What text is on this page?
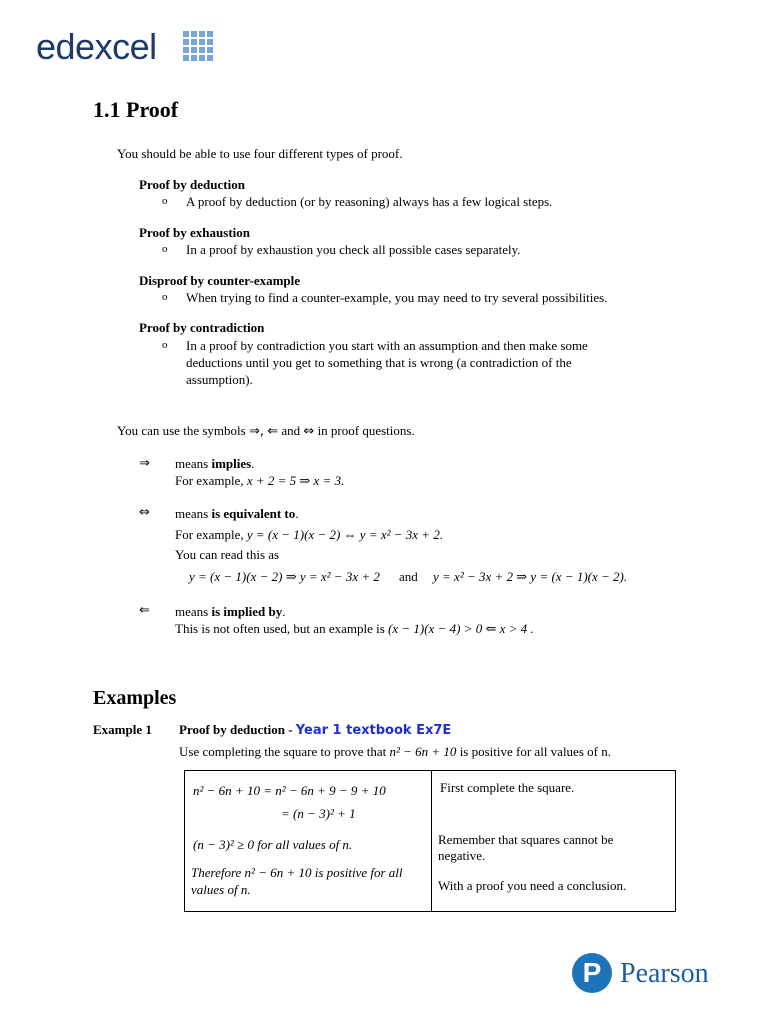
edexcel
1.1 Proof
You should be able to use four different types of proof.
Proof by deduction
o A proof by deduction (or by reasoning) always has a few logical steps.
Proof by exhaustion
o In a proof by exhaustion you check all possible cases separately.
Disproof by counter-example
o When trying to find a counter-example, you may need to try several possibilities.
Proof by contradiction
o In a proof by contradiction you start with an assumption and then make some
deductions until you get to something that is wrong (a contradiction of the
assumption).
You can use the symbols ⇒, ⇐ and ⇔ in proof questions.
⇒ means implies.
For example, x + 2 = 5 ⇒ x = 3.
⇔ means is equivalent to.
For example, y = (x − 1)(x − 2) ⇔ y = x² − 3x + 2.
You can read this as
y = (x − 1)(x − 2) ⇒ y = x² − 3x + 2 and y = x² − 3x + 2 ⇒ y = (x − 1)(x − 2).
⇐ means is implied by.
This is not often used, but an example is (x − 1)(x − 4) > 0 ⇐ x > 4 .
Examples
Example 1 Proof by deduction - Year 1 textbook Ex7E
Use completing the square to prove that n² − 6n + 10 is positive for all values of n.
n² − 6n + 10 = n² − 6n + 9 − 9 + 10
= (n − 3)² + 1
(n − 3)² ≥ 0 for all values of n.
Therefore n² − 6n + 10 is positive for all
values of n.
First complete the square.
Remember that squares cannot be
negative.
With a proof you need a conclusion.
P Pearson
